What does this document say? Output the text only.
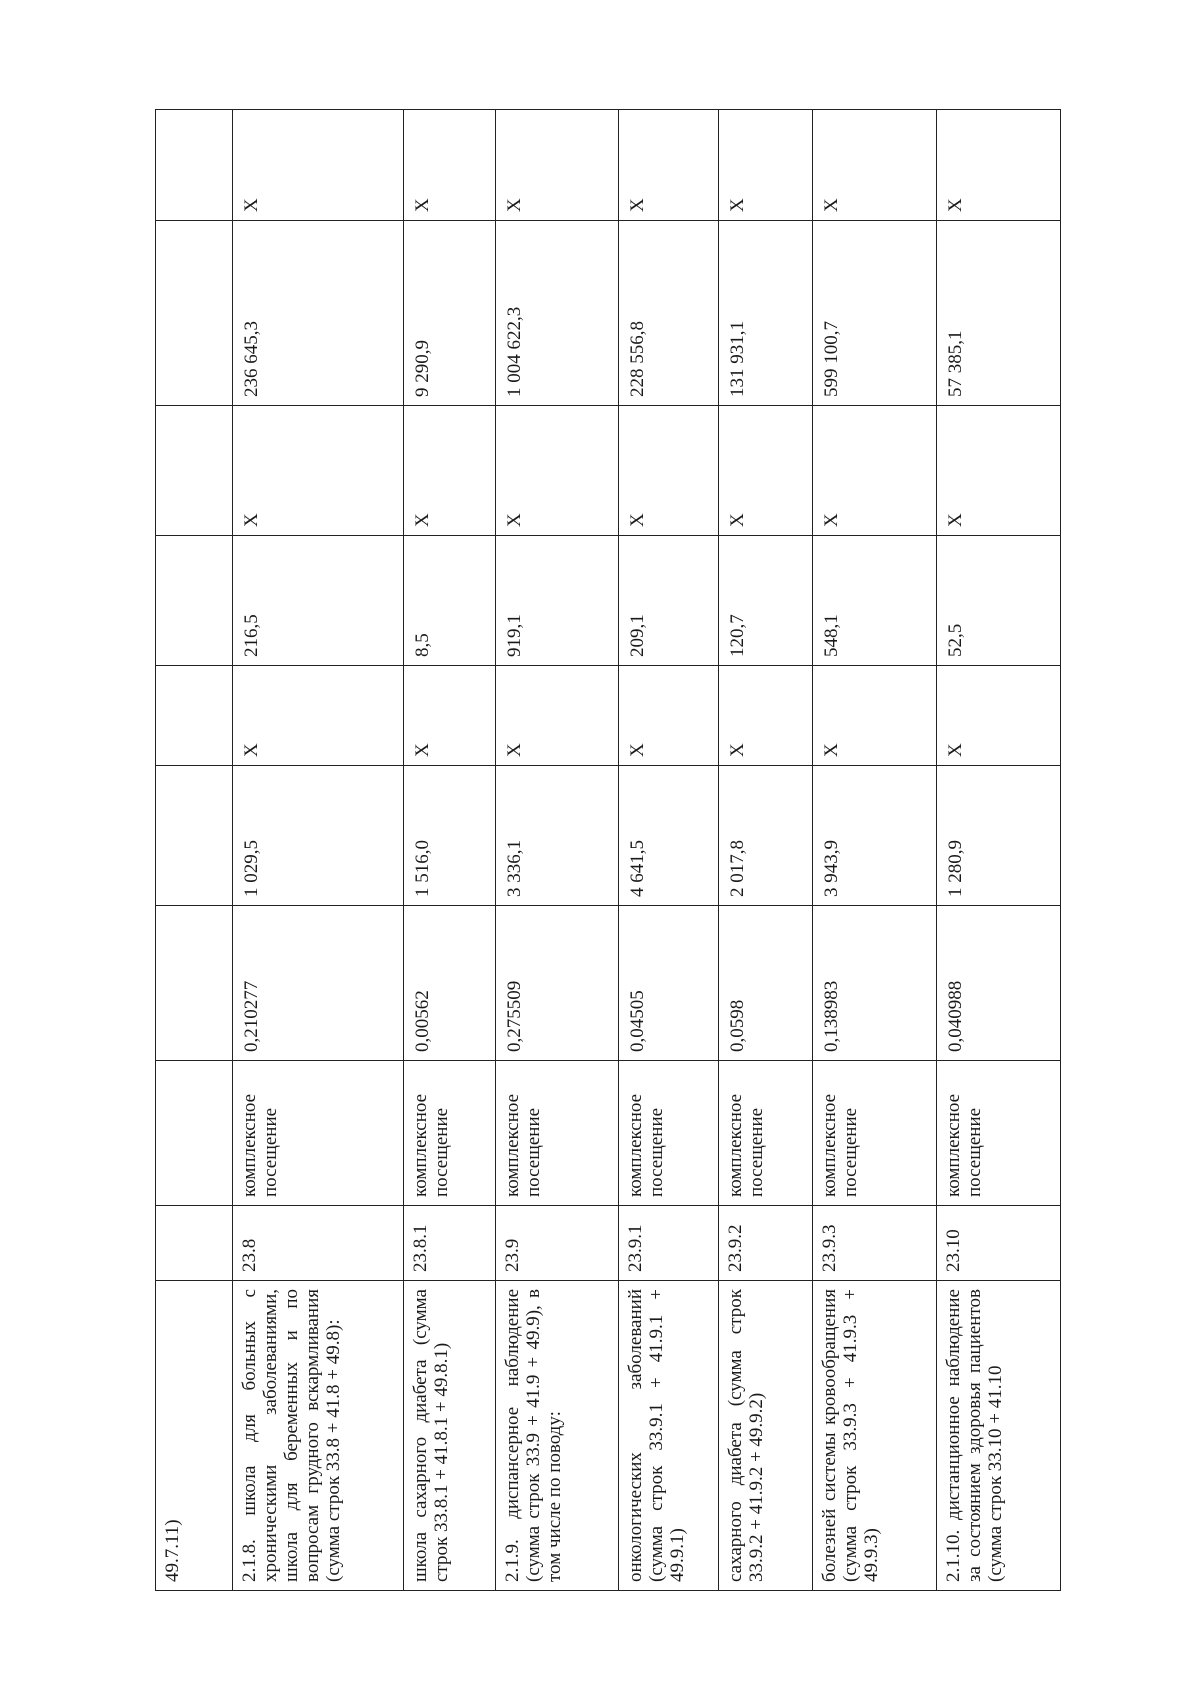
49.7.11)									
2.1.8. школа для больных с хроническими заболеваниями, школа для беременных и по вопросам грудного вскармливания (сумма строк 33.8 + 41.8 + 49.8):	23.8	комплексное посещение	0,210277	1 029,5	X	216,5	X	236 645,3	X
школа сахарного диабета (сумма строк 33.8.1 + 41.8.1 + 49.8.1)	23.8.1	комплексное посещение	0,00562	1 516,0	X	8,5	X	9 290,9	X
2.1.9. диспансерное наблюдение (сумма строк 33.9 + 41.9 + 49.9), в том числе по поводу:	23.9	комплексное посещение	0,275509	3 336,1	X	919,1	X	1 004 622,3	X
онкологических заболеваний (сумма строк 33.9.1 + 41.9.1 + 49.9.1)	23.9.1	комплексное посещение	0,04505	4 641,5	X	209,1	X	228 556,8	X
сахарного диабета (сумма строк 33.9.2 + 41.9.2 + 49.9.2)	23.9.2	комплексное посещение	0,0598	2 017,8	X	120,7	X	131 931,1	X
болезней системы кровообращения (сумма строк 33.9.3 + 41.9.3 + 49.9.3)	23.9.3	комплексное посещение	0,138983	3 943,9	X	548,1	X	599 100,7	X
2.1.10. дистанционное наблюдение за состоянием здоровья пациентов (сумма строк 33.10 + 41.10	23.10	комплексное посещение	0,040988	1 280,9	X	52,5	X	57 385,1	X
